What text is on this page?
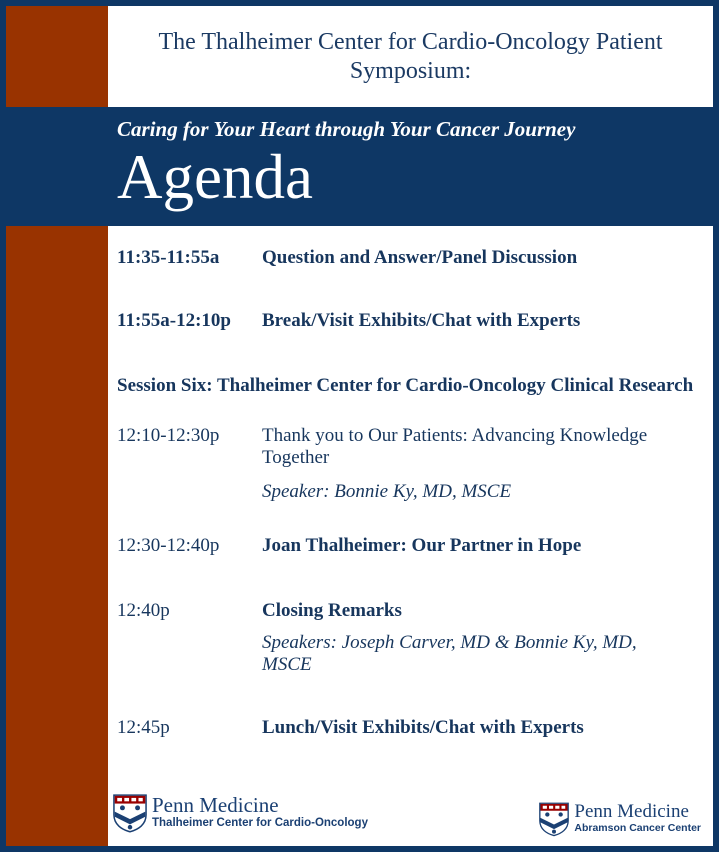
The Thalheimer Center for Cardio-Oncology Patient
Symposium:
Caring for Your Heart through Your Cancer Journey
Agenda
11:35-11:55a	Question and Answer/Panel Discussion
11:55a-12:10p	Break/Visit Exhibits/Chat with Experts
Session Six: Thalheimer Center for Cardio-Oncology Clinical Research
12:10-12:30p	Thank you to Our Patients: Advancing Knowledge Together
Speaker: Bonnie Ky, MD, MSCE
12:30-12:40p	Joan Thalheimer: Our Partner in Hope
12:40p	Closing Remarks
Speakers: Joseph Carver, MD & Bonnie Ky, MD, MSCE
12:45p	Lunch/Visit Exhibits/Chat with Experts
Penn Medicine
Thalheimer Center for Cardio-Oncology
Penn Medicine
Abramson Cancer Center
